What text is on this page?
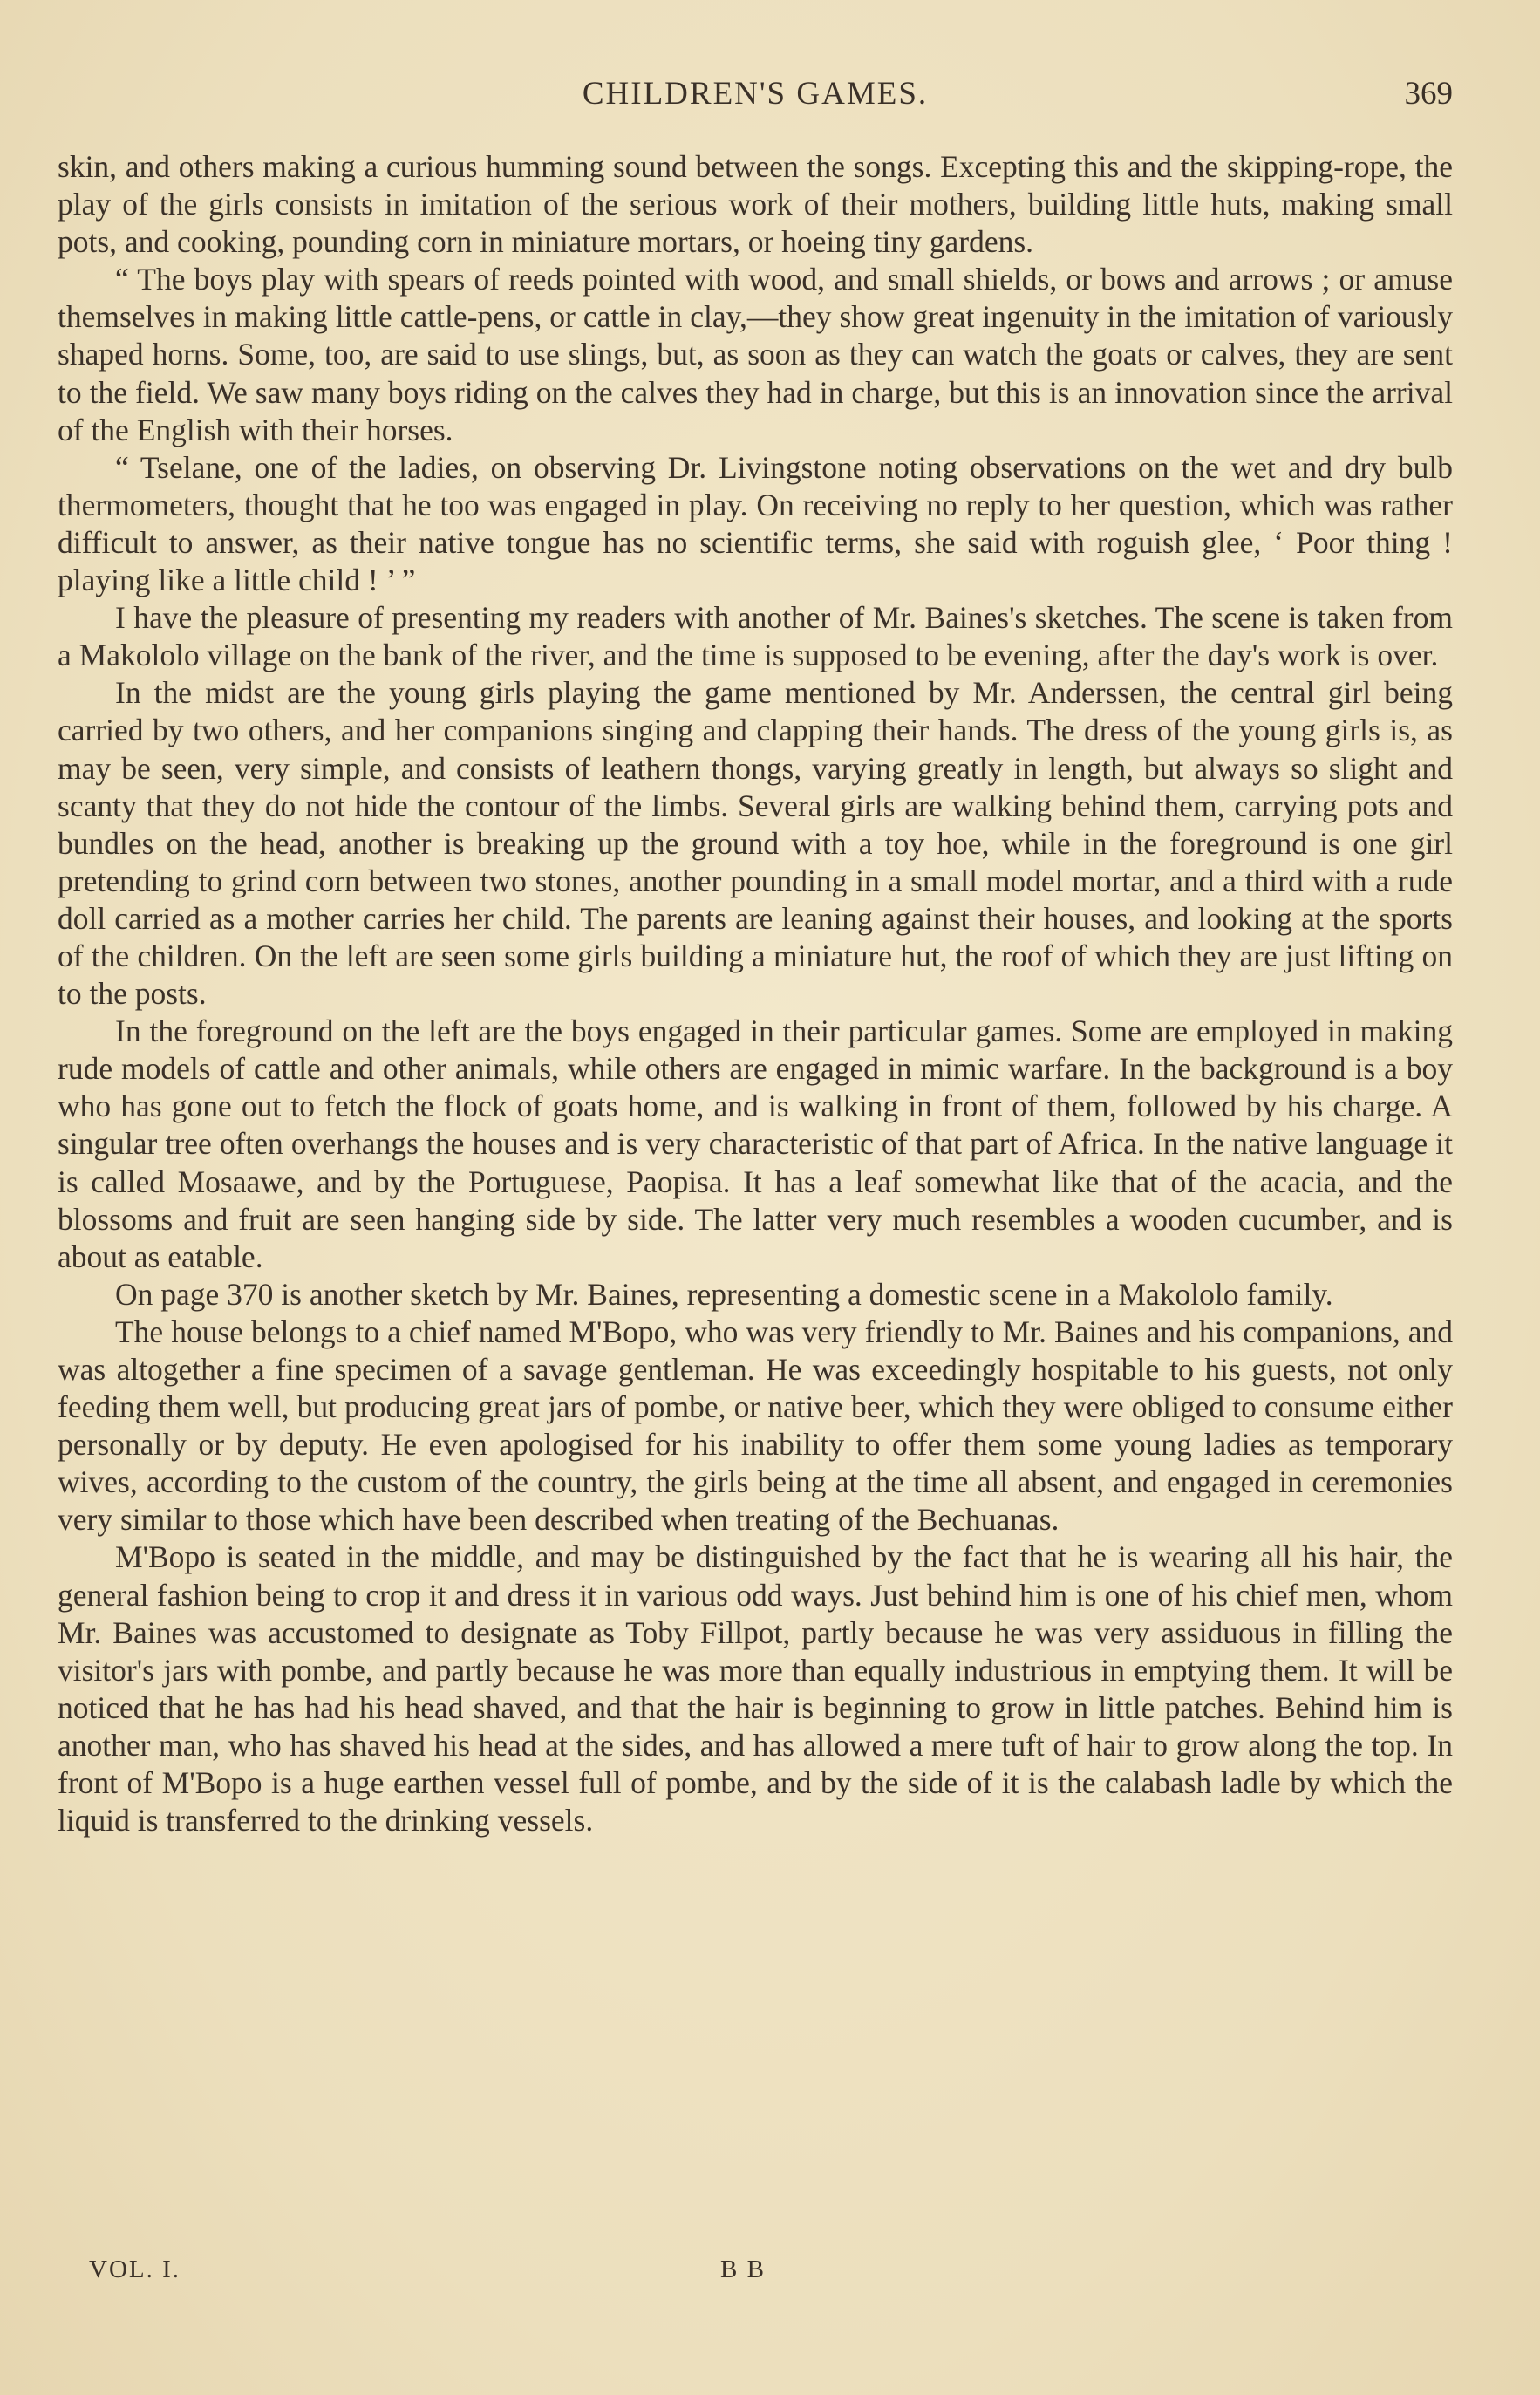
CHILDREN'S GAMES.	369

skin, and others making a curious humming sound between the songs. Excepting this and the skipping-rope, the play of the girls consists in imitation of the serious work of their mothers, building little huts, making small pots, and cooking, pounding corn in miniature mortars, or hoeing tiny gardens.

“ The boys play with spears of reeds pointed with wood, and small shields, or bows and arrows ; or amuse themselves in making little cattle-pens, or cattle in clay,—they show great ingenuity in the imitation of variously shaped horns. Some, too, are said to use slings, but, as soon as they can watch the goats or calves, they are sent to the field. We saw many boys riding on the calves they had in charge, but this is an innovation since the arrival of the English with their horses.

“ Tselane, one of the ladies, on observing Dr. Livingstone noting observations on the wet and dry bulb thermometers, thought that he too was engaged in play. On receiving no reply to her question, which was rather difficult to answer, as their native tongue has no scientific terms, she said with roguish glee, ‘ Poor thing ! playing like a little child ! ’ ”

I have the pleasure of presenting my readers with another of Mr. Baines's sketches. The scene is taken from a Makololo village on the bank of the river, and the time is supposed to be evening, after the day's work is over.

In the midst are the young girls playing the game mentioned by Mr. Anderssen, the central girl being carried by two others, and her companions singing and clapping their hands. The dress of the young girls is, as may be seen, very simple, and consists of leathern thongs, varying greatly in length, but always so slight and scanty that they do not hide the contour of the limbs. Several girls are walking behind them, carrying pots and bundles on the head, another is breaking up the ground with a toy hoe, while in the foreground is one girl pretending to grind corn between two stones, another pounding in a small model mortar, and a third with a rude doll carried as a mother carries her child. The parents are leaning against their houses, and looking at the sports of the children. On the left are seen some girls building a miniature hut, the roof of which they are just lifting on to the posts.

In the foreground on the left are the boys engaged in their particular games. Some are employed in making rude models of cattle and other animals, while others are engaged in mimic warfare. In the background is a boy who has gone out to fetch the flock of goats home, and is walking in front of them, followed by his charge. A singular tree often overhangs the houses and is very characteristic of that part of Africa. In the native language it is called Mosaawe, and by the Portuguese, Paopisa. It has a leaf somewhat like that of the acacia, and the blossoms and fruit are seen hanging side by side. The latter very much resembles a wooden cucumber, and is about as eatable.

On page 370 is another sketch by Mr. Baines, representing a domestic scene in a Makololo family.

The house belongs to a chief named M'Bopo, who was very friendly to Mr. Baines and his companions, and was altogether a fine specimen of a savage gentleman. He was exceedingly hospitable to his guests, not only feeding them well, but producing great jars of pombe, or native beer, which they were obliged to consume either personally or by deputy. He even apologised for his inability to offer them some young ladies as temporary wives, according to the custom of the country, the girls being at the time all absent, and engaged in ceremonies very similar to those which have been described when treating of the Bechuanas.

M'Bopo is seated in the middle, and may be distinguished by the fact that he is wearing all his hair, the general fashion being to crop it and dress it in various odd ways. Just behind him is one of his chief men, whom Mr. Baines was accustomed to designate as Toby Fillpot, partly because he was very assiduous in filling the visitor's jars with pombe, and partly because he was more than equally industrious in emptying them. It will be noticed that he has had his head shaved, and that the hair is beginning to grow in little patches. Behind him is another man, who has shaved his head at the sides, and has allowed a mere tuft of hair to grow along the top. In front of M'Bopo is a huge earthen vessel full of pombe, and by the side of it is the calabash ladle by which the liquid is transferred to the drinking vessels.

VOL. I.	B B
